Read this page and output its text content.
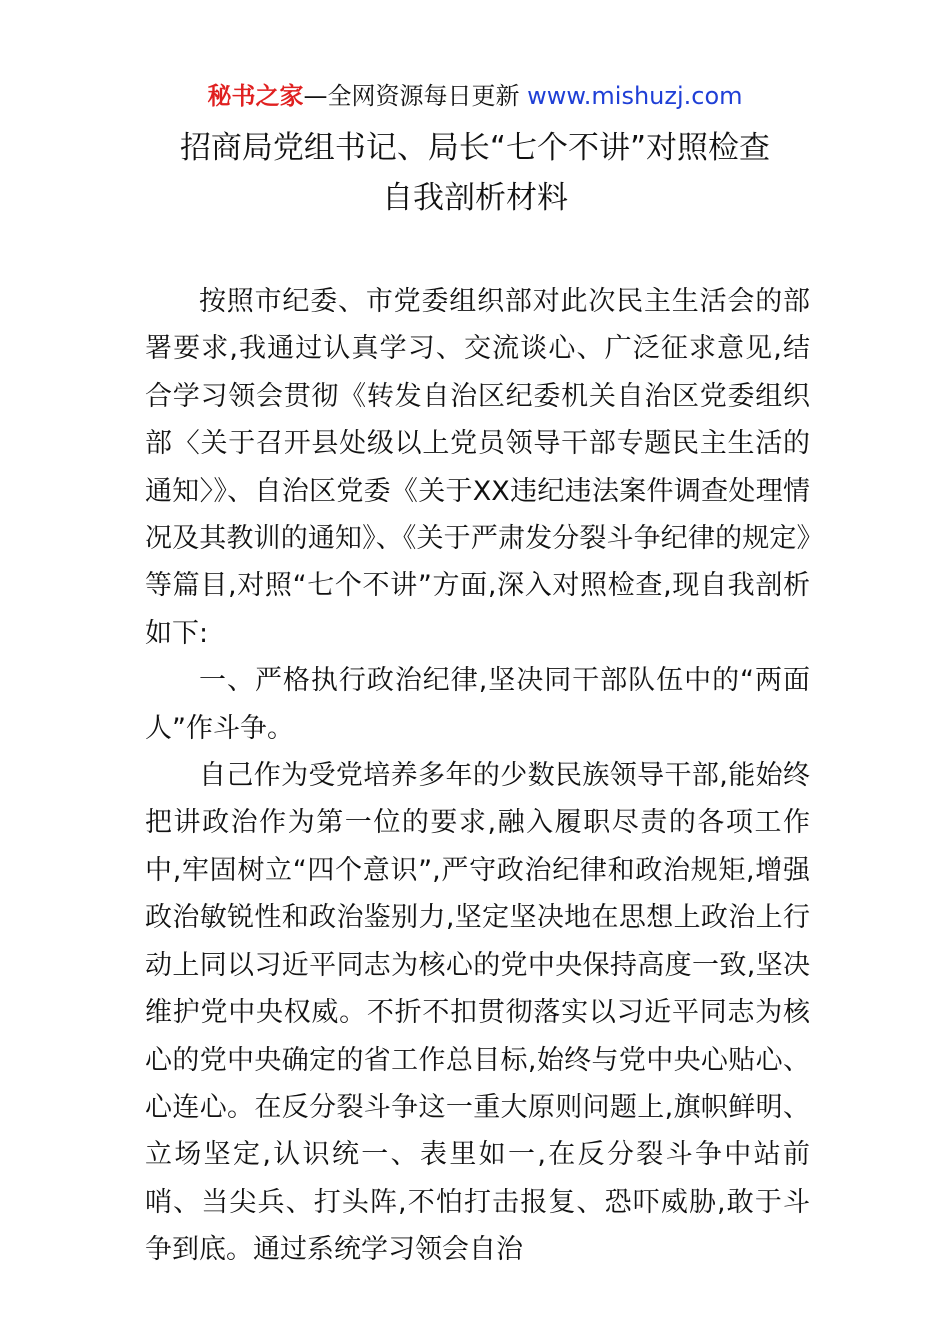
秘书之家—全网资源每日更新 www.mishuzj.com
招商局党组书记、局长“七个不讲”对照检查
自我剖析材料

按照市纪委、市党委组织部对此次民主生活会的部署要求,我通过认真学习、交流谈心、广泛征求意见,结合学习领会贯彻《转发自治区纪委机关自治区党委组织部〈关于召开县处级以上党员领导干部专题民主生活的通知〉》、自治区党委《关于XX违纪违法案件调查处理情况及其教训的通知》、《关于严肃发分裂斗争纪律的规定》等篇目,对照“七个不讲”方面,深入对照检查,现自我剖析如下:

一、严格执行政治纪律,坚决同干部队伍中的“两面人”作斗争。

自己作为受党培养多年的少数民族领导干部,能始终把讲政治作为第一位的要求,融入履职尽责的各项工作中,牢固树立“四个意识”,严守政治纪律和政治规矩,增强政治敏锐性和政治鉴别力,坚定坚决地在思想上政治上行动上同以习近平同志为核心的党中央保持高度一致,坚决维护党中央权威。不折不扣贯彻落实以习近平同志为核心的党中央确定的省工作总目标,始终与党中央心贴心、心连心。在反分裂斗争这一重大原则问题上,旗帜鲜明、立场坚定,认识统一、表里如一,在反分裂斗争中站前哨、当尖兵、打头阵,不怕打击报复、恐吓威胁,敢于斗争到底。通过系统学习领会自治
